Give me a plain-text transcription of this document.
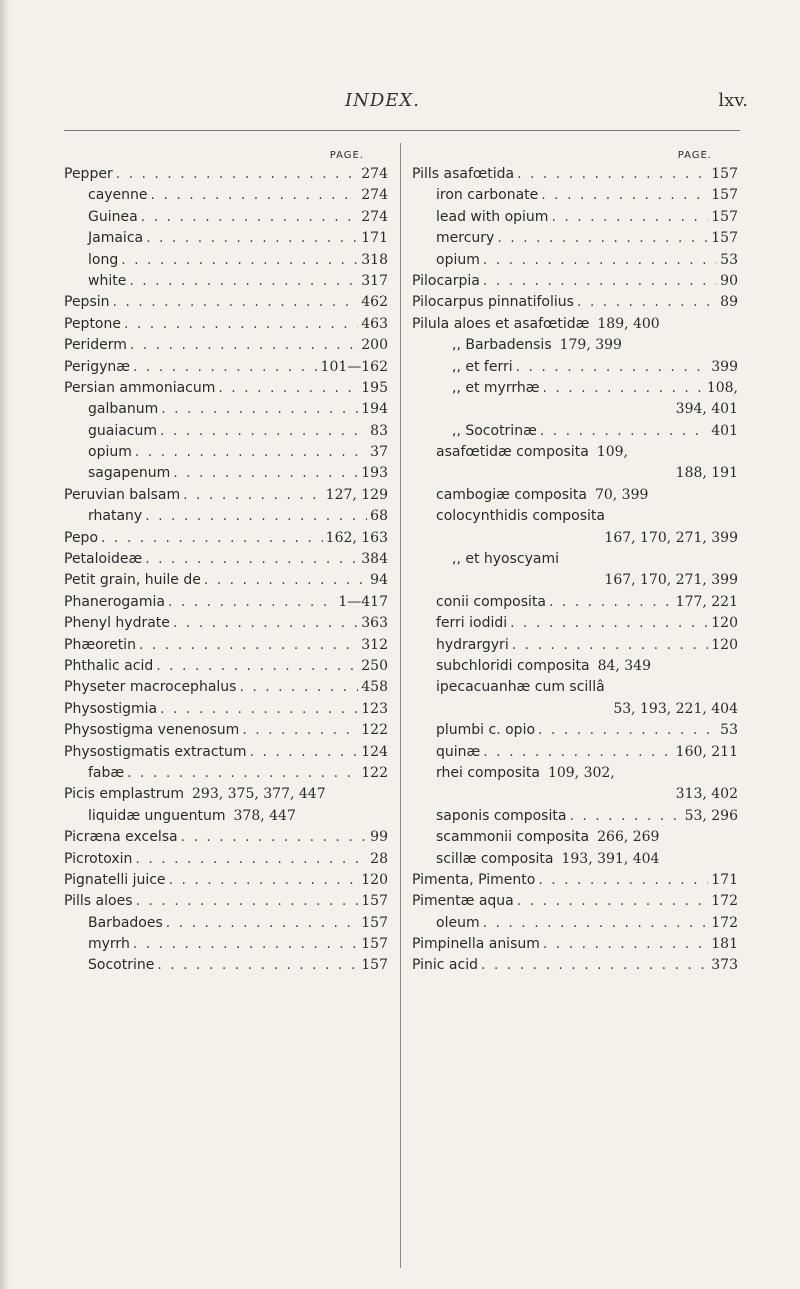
INDEX.	lxv.
PAGE.
Pepper . . .	274
cayenne . . .	274
Guinea . . .	274
Jamaica . . .	171
long . . .	318
white . . .	317
Pepsin . . .	462
Peptone . . .	463
Periderm . . .	200
Perigynæ . . .	101—162
Persian ammoniacum . . .	195
galbanum . . .	194
guaiacum . . .	83
opium . . .	37
sagapenum . . .	193
Peruvian balsam . . .	127, 129
rhatany . . .	68
Pepo . . .	162, 163
Petaloideæ . . .	384
Petit grain, huile de . . .	94
Phanerogamia . . .	1—417
Phenyl hydrate . . .	363
Phæoretin . . .	312
Phthalic acid . . .	250
Physeter macrocephalus . . .	458
Physostigmia . . .	123
Physostigma venenosum . . .	122
Physostigmatis extractum . . .	124
fabæ . . .	122
Picis emplastrum 293, 375, 377, 447
liquidæ unguentum 378, 447
Picræna excelsa . . .	99
Picrotoxin . . .	28
Pignatelli juice . . .	120
Pills aloes . . .	157
Barbadoes . . .	157
myrrh . . .	157
Socotrine . . .	157
PAGE.
Pills asafœtida . . .	157
iron carbonate . . .	157
lead with opium . . .	157
mercury . . .	157
opium . . .	53
Pilocarpia . . .	90
Pilocarpus pinnatifolius . . .	89
Pilula aloes et asafœtidæ 189, 400
,, Barbadensis 179, 399
,, et ferri . . .	399
,, et myrrhæ . . .	108,
394, 401
,, Socotrinæ . . .	401
asafœtidæ composita 109,
188, 191
cambogiæ composita 70, 399
colocynthidis composita
167, 170, 271, 399
,, et hyoscyami
167, 170, 271, 399
conii composita . . .	177, 221
ferri iodidi . . .	120
hydrargyri . . .	120
subchloridi composita 84, 349
ipecacuanhæ cum scillâ
53, 193, 221, 404
plumbi c. opio . . .	53
quinæ . . .	160, 211
rhei composita 109, 302,
313, 402
saponis composita . . .	53, 296
scammonii composita 266, 269
scillæ composita 193, 391, 404
Pimenta, Pimento . . .	171
Pimentæ aqua . . .	172
oleum . . .	172
Pimpinella anisum . . .	181
Pinic acid . . .	373
